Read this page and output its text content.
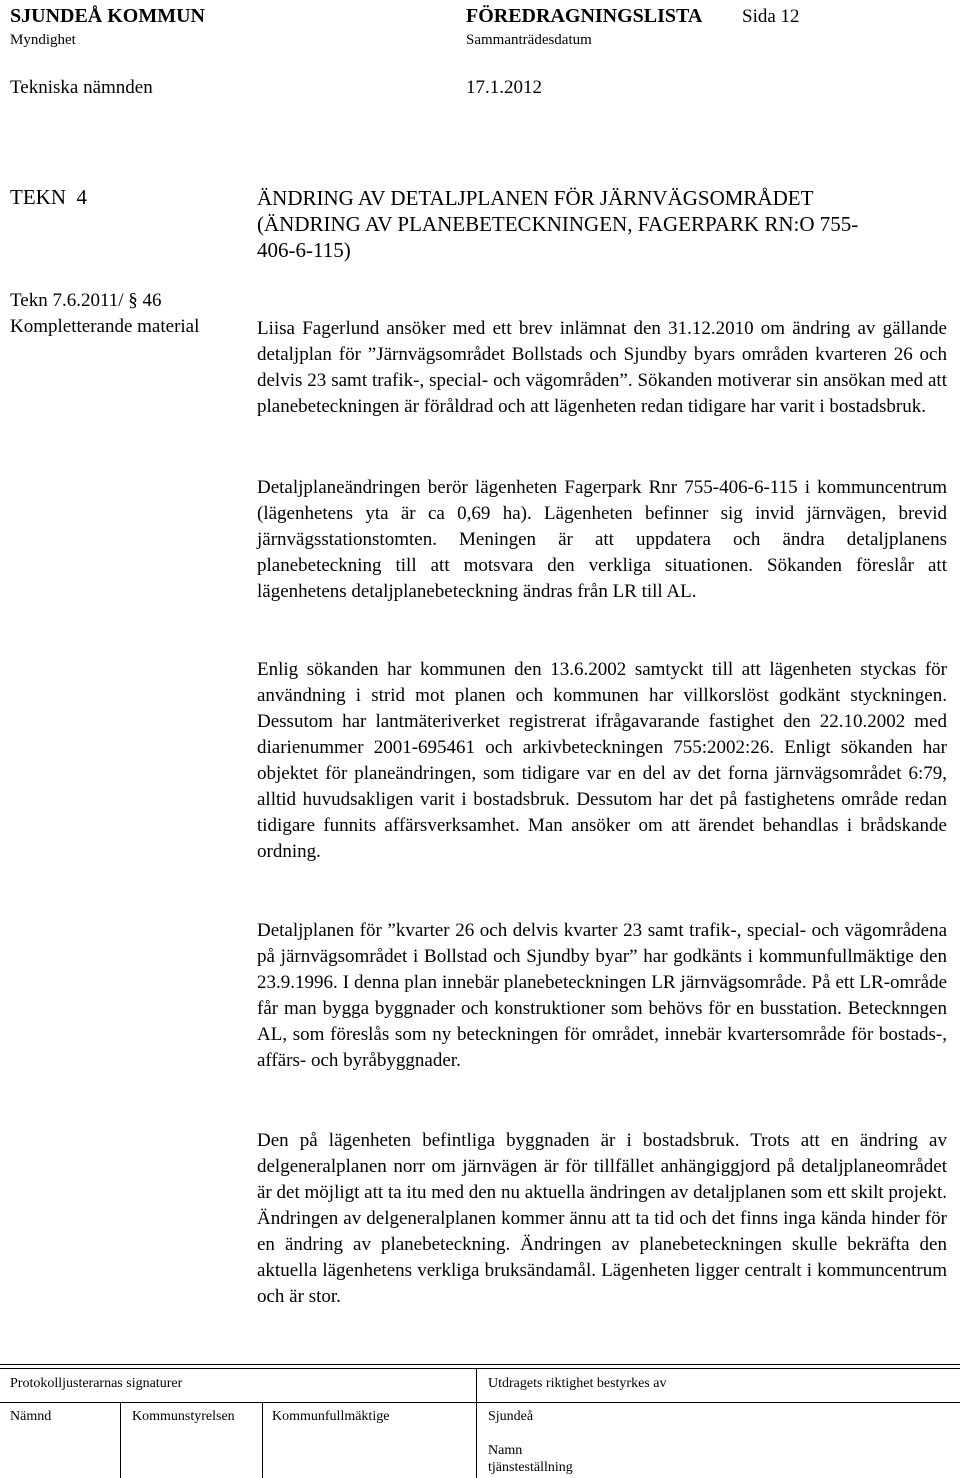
SJUNDEÅ KOMMUN	FÖREDRAGNINGSLISTA Sida 12
Myndighet	Sammanträdesdatum
Tekniska nämnden	17.1.2012
TEKN  4	ÄNDRING AV DETALJPLANEN FÖR JÄRNVÄGSOMRÅDET
(ÄNDRING AV PLANEBETECKNINGEN, FAGERPARK RN:O 755-
406-6-115)
Tekn 7.6.2011/ § 46
Kompletterande material	Liisa Fagerlund ansöker med ett brev inlämnat den 31.12.2010 om ändring av gällande detaljplan för ”Järnvägsområdet Bollstads och Sjundby byars områden kvarteren 26 och delvis 23 samt trafik-, special- och vägområden”. Sökanden motiverar sin ansökan med att planebeteckningen är föråldrad och att lägenheten redan tidigare har varit i bostadsbruk.

Detaljplaneändringen berör lägenheten Fagerpark Rnr 755-406-6-115 i kommuncentrum (lägenhetens yta är ca 0,69 ha). Lägenheten befinner sig invid järnvägen, brevid järnvägsstationstomten. Meningen är att uppdatera och ändra detaljplanens planebeteckning till att motsvara den verkliga situationen. Sökanden föreslår att lägenhetens detaljplanebeteckning ändras från LR till AL.

Enlig sökanden har kommunen den 13.6.2002 samtyckt till att lägenheten styckas för användning i strid mot planen och kommunen har villkorslöst godkänt styckningen. Dessutom har lantmäteriverket registrerat ifrågavarande fastighet den 22.10.2002 med diarienummer 2001-695461 och arkivbeteckningen 755:2002:26. Enligt sökanden har objektet för planeändringen, som tidigare var en del av det forna järnvägsområdet 6:79, alltid huvudsakligen varit i bostadsbruk. Dessutom har det på fastighetens område redan tidigare funnits affärsverksamhet. Man ansöker om att ärendet behandlas i brådskande ordning.

Detaljplanen för ”kvarter 26 och delvis kvarter 23 samt trafik-, special- och vägområdena på järnvägsområdet i Bollstad och Sjundby byar” har godkänts i kommunfullmäktige den 23.9.1996. I denna plan innebär planebeteckningen LR järnvägsområde. På ett LR-område får man bygga byggnader och konstruktioner som behövs för en busstation. Betecknngen AL, som föreslås som ny beteckningen för området, innebär kvartersområde för bostads-, affärs- och byråbyggnader.

Den på lägenheten befintliga byggnaden är i bostadsbruk. Trots att en ändring av delgeneralplanen norr om järnvägen är för tillfället anhängiggjord på detaljplaneområdet är det möjligt att ta itu med den nu aktuella ändringen av detaljplanen som ett skilt projekt. Ändringen av delgeneralplanen kommer ännu att ta tid och det finns inga kända hinder för en ändring av planebeteckning. Ändringen av planebeteckningen skulle bekräfta den aktuella lägenhetens verkliga bruksändamål. Lägenheten ligger centralt i kommuncentrum och är stor.

Protokolljusterarnas signaturer	Utdragets riktighet bestyrkes av
Nämnd	Kommunstyrelsen	Kommunfullmäktige	Sjundeå
Namn
tjänsteställning
